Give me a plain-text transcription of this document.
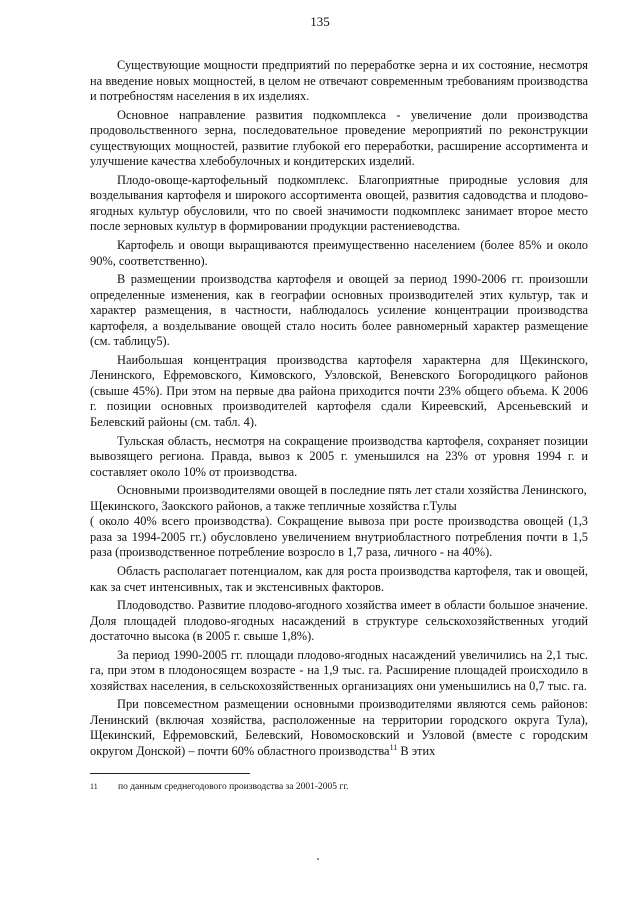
135

Существующие мощности предприятий по переработке зерна и их состояние, несмотря на введение новых мощностей, в целом не отвечают современным требованиям производства и потребностям населения в их изделиях.

Основное направление развития подкомплекса - увеличение доли производства продовольственного зерна, последовательное проведение мероприятий по реконструкции существующих мощностей, развитие глубокой его переработки, расширение ассортимента и улучшение качества хлебобулочных и кондитерских изделий.

Плодо-овоще-картофельный подкомплекс. Благоприятные природные условия для возделывания картофеля и широкого ассортимента овощей, развития садоводства и плодово-ягодных культур обусловили, что по своей значимости подкомплекс занимает второе место после зерновых культур в формировании продукции растениеводства.

Картофель и овощи выращиваются преимущественно населением (более 85% и около 90%, соответственно).

В размещении производства картофеля и овощей за период 1990-2006 гг. произошли определенные изменения, как в географии основных производителей этих культур, так и характер размещения, в частности, наблюдалось усиление концентрации производства картофеля, а возделывание овощей стало носить более равномерный характер размещение (см. таблицу5).

Наибольшая концентрация производства картофеля характерна для Щекинского, Ленинского, Ефремовского, Кимовского, Узловской, Веневского Богородицкого районов (свыше 45%). При этом на первые два района приходится почти 23% общего объема. К 2006 г. позиции основных производителей картофеля сдали Киреевский, Арсеньевский и Белевский районы (см. табл. 4).

Тульская область, несмотря на сокращение производства картофеля, сохраняет позиции вывозящего региона. Правда, вывоз к 2005 г. уменьшился на 23% от уровня 1994 г. и составляет около 10% от производства.

Основными производителями овощей в последние пять лет стали хозяйства Ленинского, Щекинского, Заокского районов, а также тепличные хозяйства г.Тулы

( около 40% всего производства). Сокращение вывоза при росте производства овощей (1,3 раза за 1994-2005 гг.) обусловлено увеличением внутриобластного потребления почти в 1,5 раза (производственное потребление возросло в 1,7 раза, личного - на 40%).

Область располагает потенциалом, как для роста производства картофеля, так и овощей, как за счет интенсивных, так и экстенсивных факторов.

Плодоводство. Развитие плодово-ягодного хозяйства имеет в области большое значение. Доля площадей плодово-ягодных насаждений в структуре сельскохозяйственных угодий достаточно высока (в 2005 г. свыше 1,8%).

За период 1990-2005 гг. площади плодово-ягодных насаждений увеличились на 2,1 тыс. га, при этом в плодоносящем возрасте - на 1,9 тыс. га. Расширение площадей происходило в хозяйствах населения, в сельскохозяйственных организациях они уменьшились на 0,7 тыс. га.

При повсеместном размещении основными производителями являются семь районов: Ленинский (включая хозяйства, расположенные на территории городского округа Тула), Щекинский, Ефремовский, Белевский, Новомосковский и Узловой (вместе с городским округом Донской) – почти 60% областного производства$^{11}$ В этих

11 по данным среднегодового производства за 2001-2005 гг.
